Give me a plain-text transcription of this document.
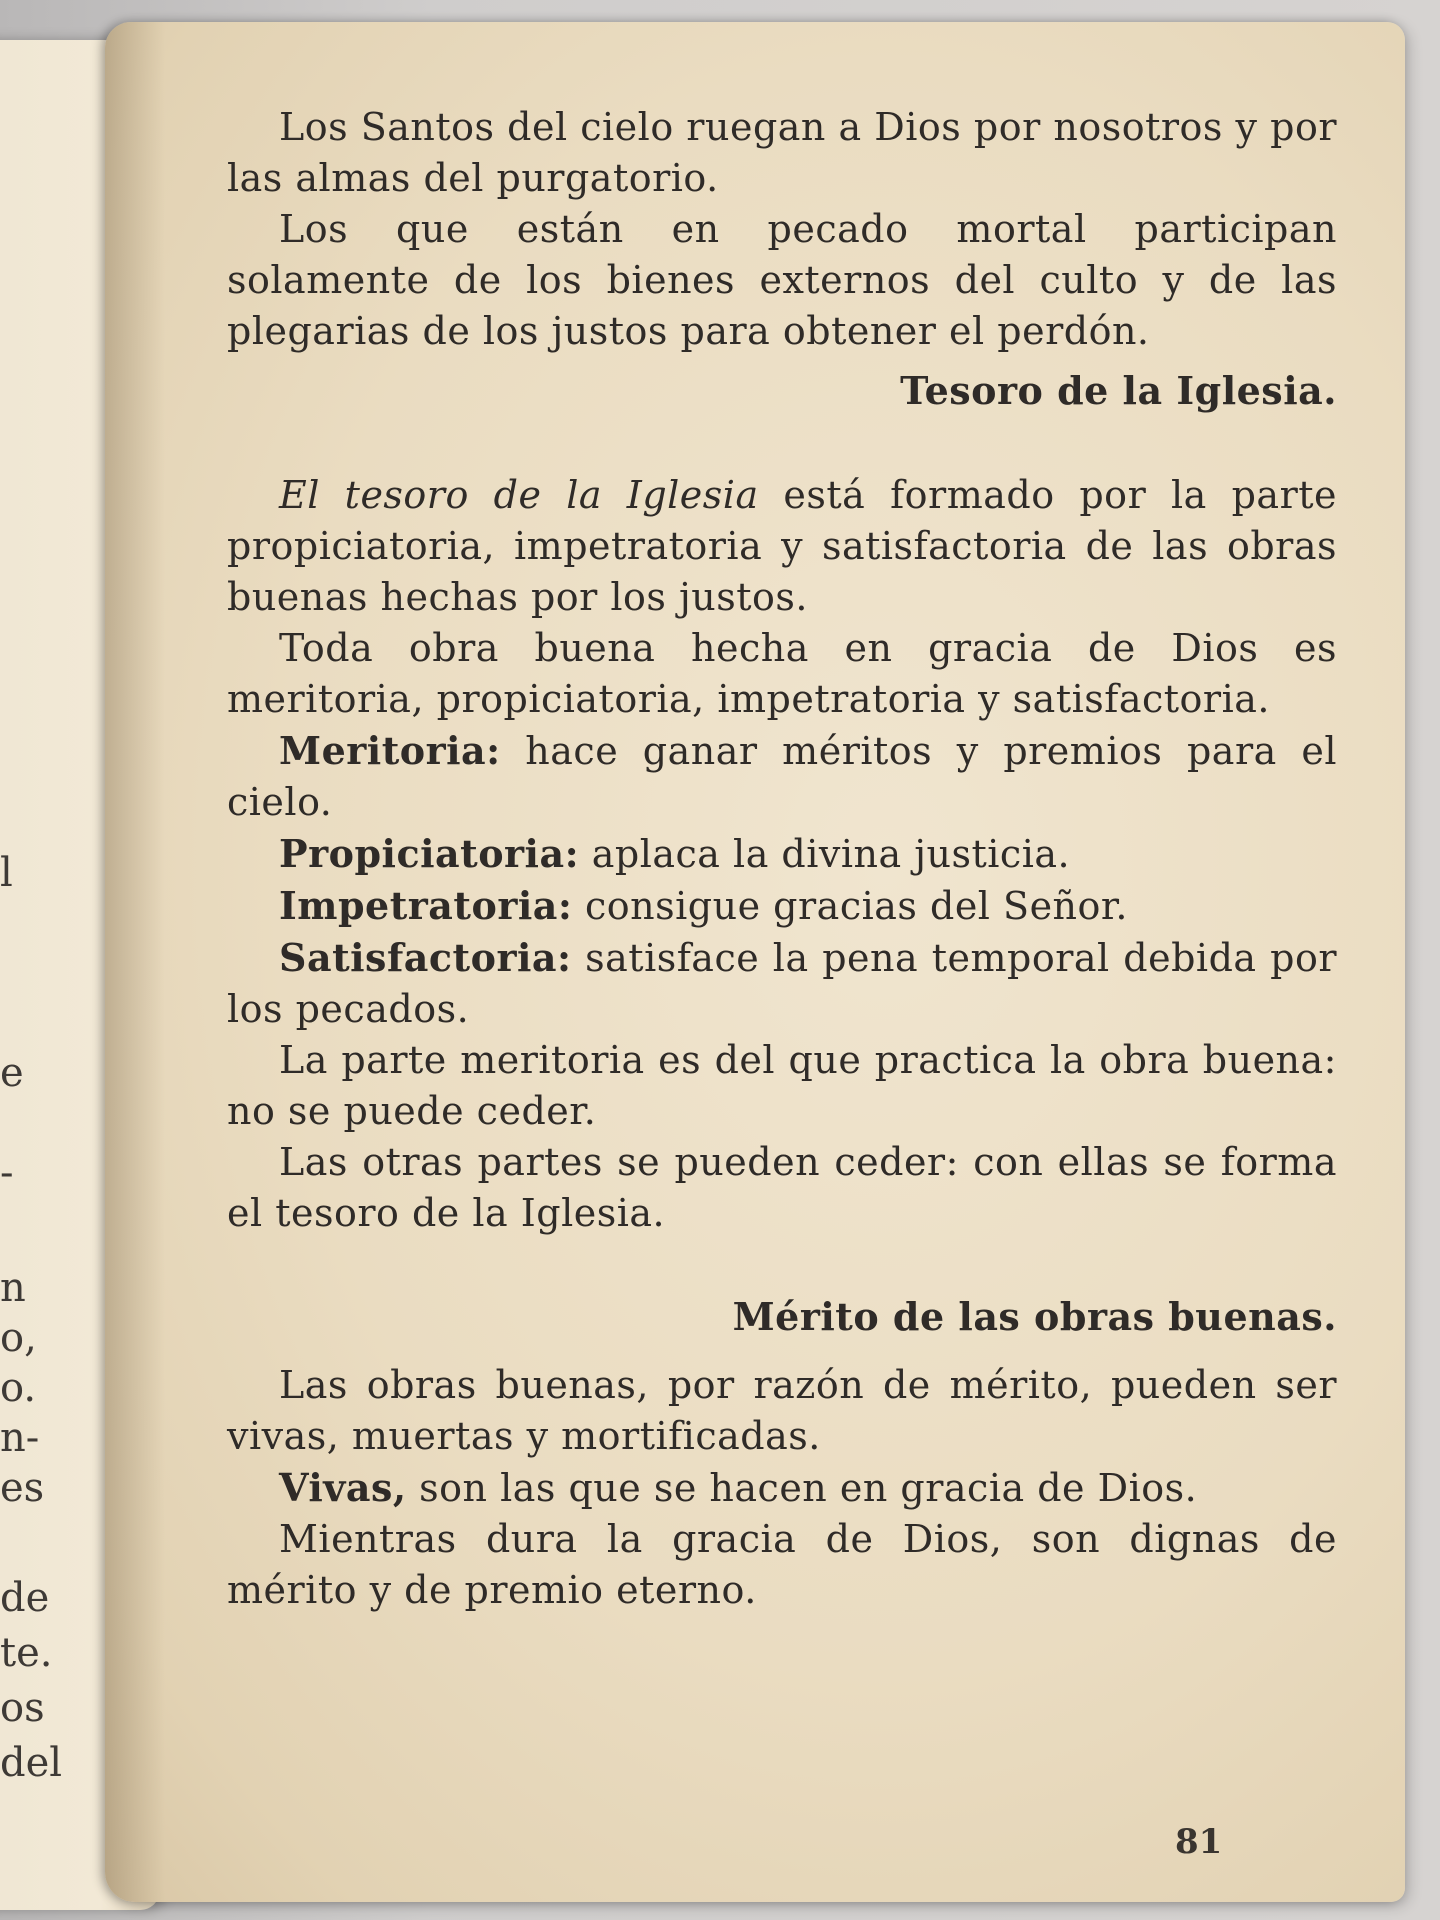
l
e
-
n
o,
o.
n-
es
de
te.
os
del

Los Santos del cielo ruegan a Dios por nosotros y por las almas del purgatorio.

Los que están en pecado mortal participan solamente de los bienes externos del culto y de las plegarias de los justos para obtener el perdón.

Tesoro de la Iglesia.

El tesoro de la Iglesia está formado por la parte propiciatoria, impetratoria y satisfactoria de las obras buenas hechas por los justos.

Toda obra buena hecha en gracia de Dios es meritoria, propiciatoria, impetratoria y satisfactoria.

Meritoria: hace ganar méritos y premios para el cielo.

Propiciatoria: aplaca la divina justicia.

Impetratoria: consigue gracias del Señor.

Satisfactoria: satisface la pena temporal debida por los pecados.

La parte meritoria es del que practica la obra buena: no se puede ceder.

Las otras partes se pueden ceder: con ellas se forma el tesoro de la Iglesia.

Mérito de las obras buenas.

Las obras buenas, por razón de mérito, pueden ser vivas, muertas y mortificadas.

Vivas, son las que se hacen en gracia de Dios.

Mientras dura la gracia de Dios, son dignas de mérito y de premio eterno.

81
